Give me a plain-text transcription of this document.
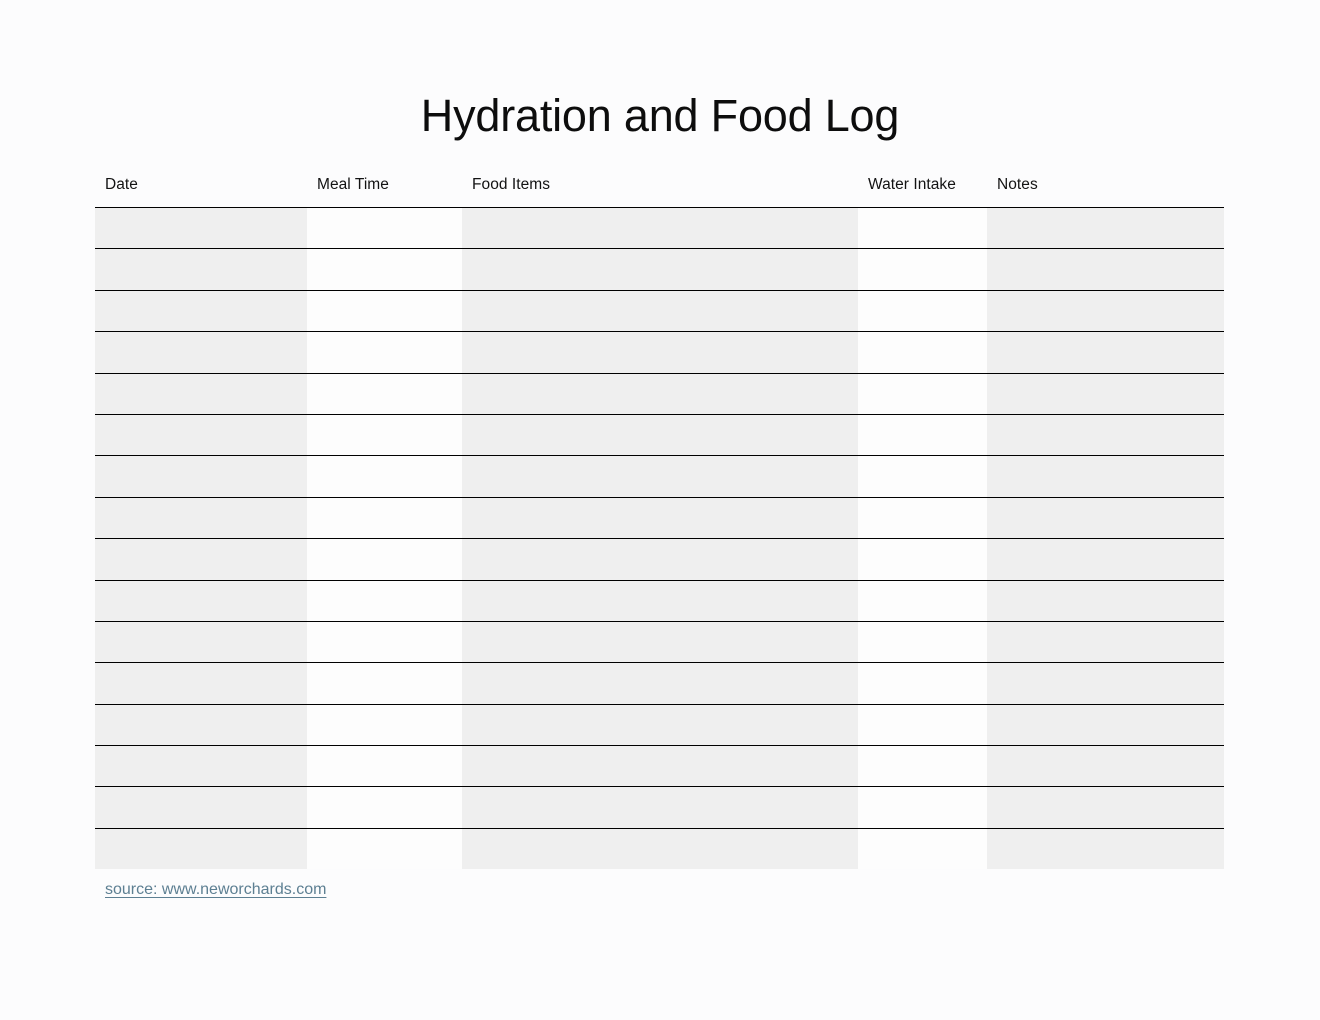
Hydration and Food Log
Date	Meal Time	Food Items	Water Intake	Notes

source: www.neworchards.com
